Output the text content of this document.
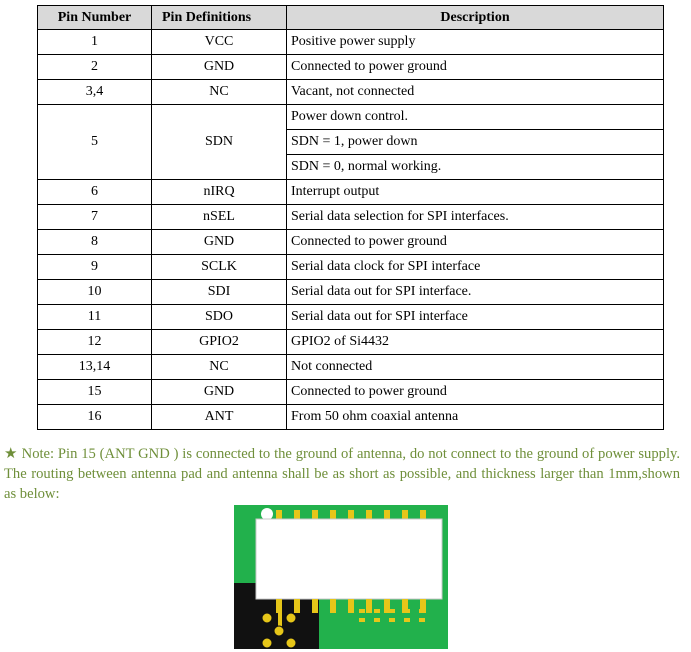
Pin Number	Pin Definitions	Description
1	VCC	Positive power supply
2	GND	Connected to power ground
3,4	NC	Vacant, not connected
5	SDN	Power down control.
		SDN = 1, power down
		SDN = 0, normal working.
6	nIRQ	Interrupt output
7	nSEL	Serial data selection for SPI interfaces.
8	GND	Connected to power ground
9	SCLK	Serial data clock for SPI interface
10	SDI	Serial data out for SPI interface.
11	SDO	Serial data out for SPI interface
12	GPIO2	GPIO2 of Si4432
13,14	NC	Not connected
15	GND	Connected to power ground
16	ANT	From 50 ohm coaxial antenna
★ Note: Pin 15 (ANT GND ) is connected to the ground of antenna, do not connect to the ground of power supply. The routing between antenna pad and antenna shall be as short as possible, and thickness larger than 1mm,shown as below:
